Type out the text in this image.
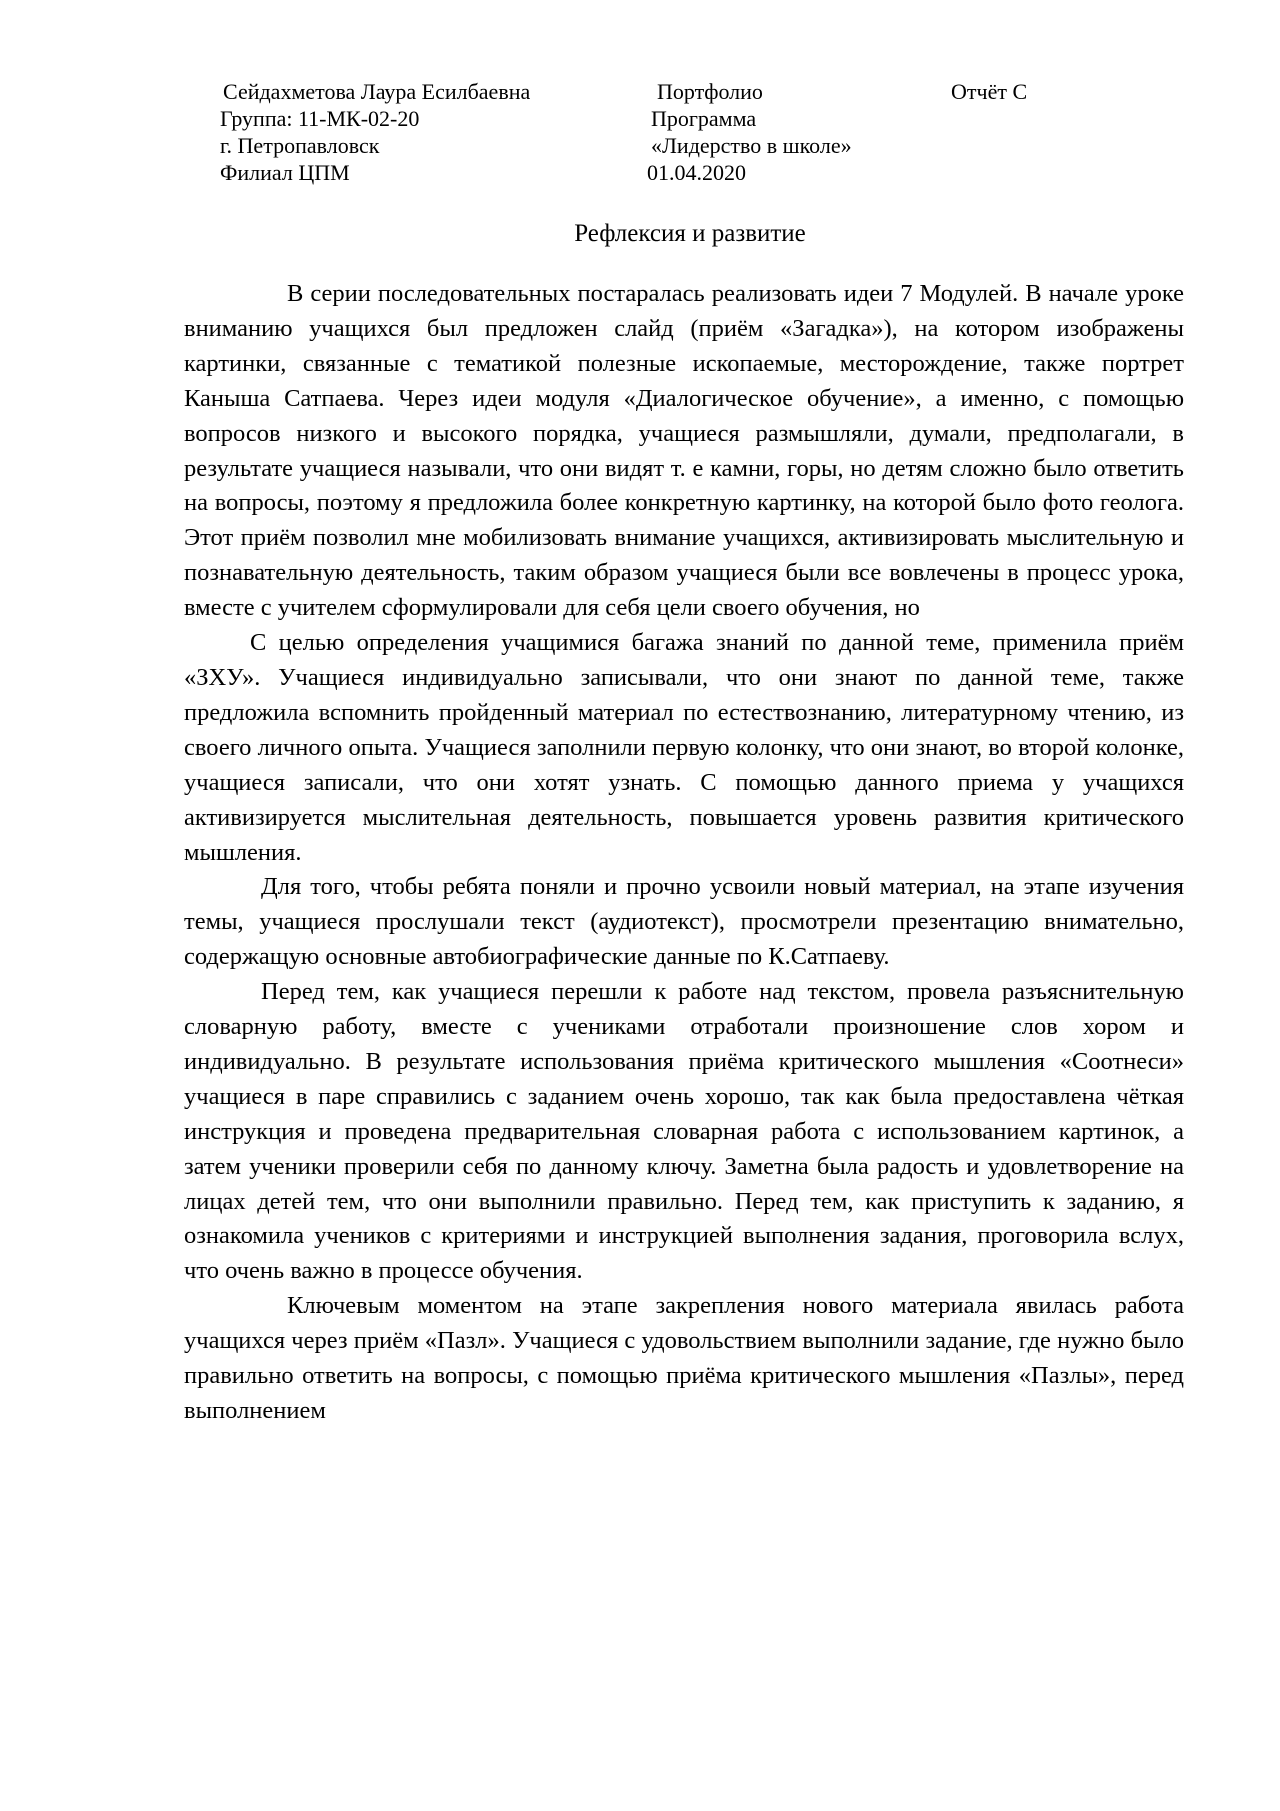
Сейдахметова Лаура Есилбаевна
Группа: 11-МК-02-20
г. Петропавловск
Филиал ЦПМ
Портфолио
Программа
«Лидерство в школе»
01.04.2020
Отчёт С
Рефлексия и развитие

В серии последовательных постаралась реализовать идеи 7 Модулей. В начале уроке вниманию учащихся был предложен слайд (приём «Загадка»), на котором изображены картинки, связанные с тематикой полезные ископаемые, месторождение, также портрет Каныша Сатпаева. Через идеи модуля «Диалогическое обучение», а именно, с помощью вопросов низкого и высокого порядка, учащиеся размышляли, думали, предполагали, в результате учащиеся называли, что они видят т. е камни, горы, но детям сложно было ответить на вопросы, поэтому я предложила более конкретную картинку, на которой было фото геолога. Этот приём позволил мне мобилизовать внимание учащихся, активизировать мыслительную и познавательную деятельность, таким образом учащиеся были все вовлечены в процесс урока, вместе с учителем сформулировали для себя цели своего обучения, но

С целью определения учащимися багажа знаний по данной теме, применила приём «ЗХУ». Учащиеся индивидуально записывали, что они знают по данной теме, также предложила вспомнить пройденный материал по естествознанию, литературному чтению, из своего личного опыта. Учащиеся заполнили первую колонку, что они знают, во второй колонке, учащиеся записали, что они хотят узнать. С помощью данного приема у учащихся активизируется мыслительная деятельность, повышается уровень развития критического мышления.

Для того, чтобы ребята поняли и прочно усвоили новый материал, на этапе изучения темы, учащиеся прослушали текст (аудиотекст), просмотрели презентацию внимательно, содержащую основные автобиографические данные по К.Сатпаеву.

Перед тем, как учащиеся перешли к работе над текстом, провела разъяснительную словарную работу, вместе с учениками отработали произношение слов хором и индивидуально. В результате использования приёма критического мышления «Соотнеси» учащиеся в паре справились с заданием очень хорошо, так как была предоставлена чёткая инструкция и проведена предварительная словарная работа с использованием картинок, а затем ученики проверили себя по данному ключу. Заметна была радость и удовлетворение на лицах детей тем, что они выполнили правильно. Перед тем, как приступить к заданию, я ознакомила учеников с критериями и инструкцией выполнения задания, проговорила вслух, что очень важно в процессе обучения.

Ключевым моментом на этапе закрепления нового материала явилась работа учащихся через приём «Пазл». Учащиеся с удовольствием выполнили задание, где нужно было правильно ответить на вопросы, с помощью приёма критического мышления «Пазлы», перед выполнением
